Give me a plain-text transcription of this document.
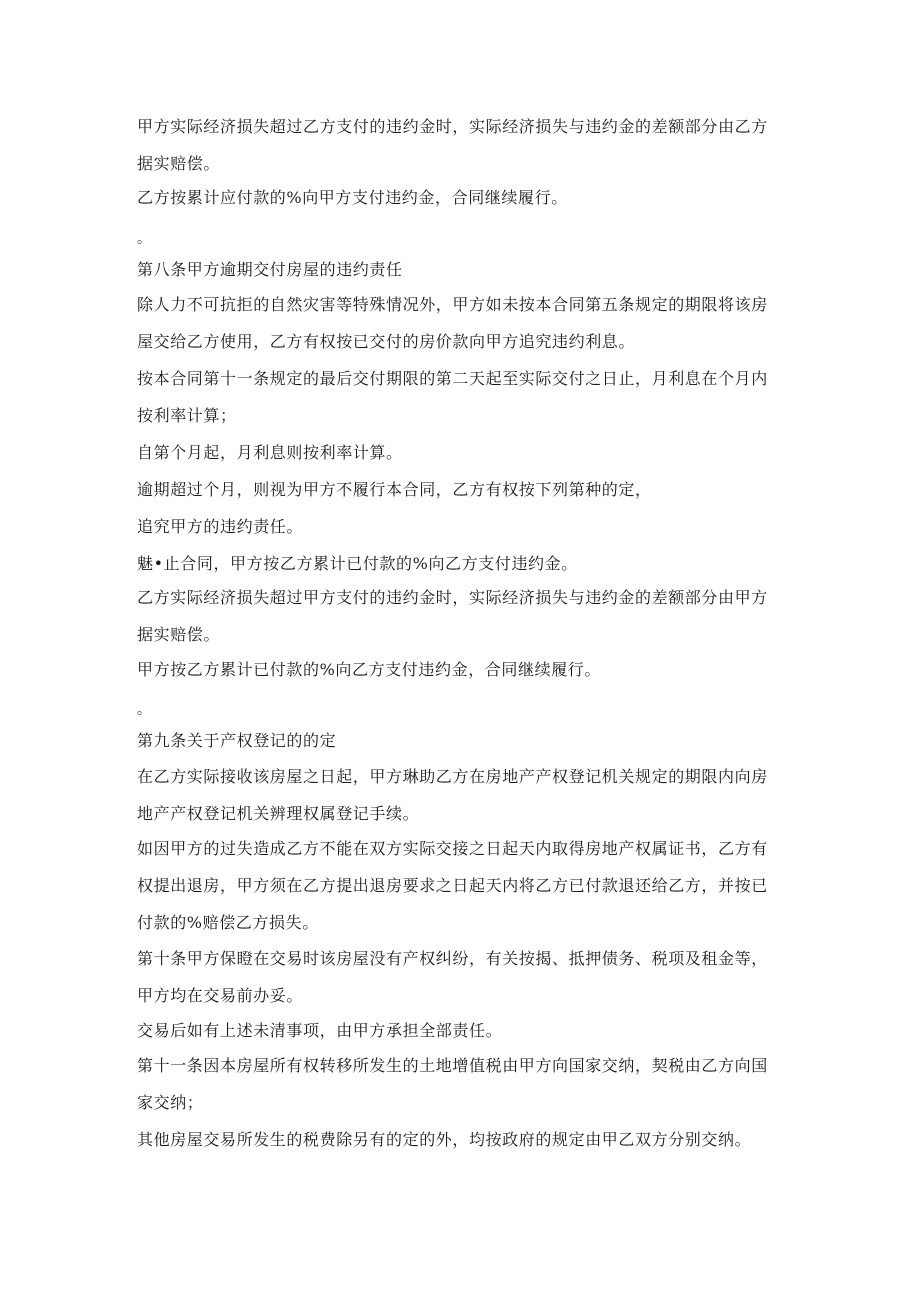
甲方实际经济损失超过乙方支付的违约金时，实际经济损失与违约金的差额部分由乙方
据实赔偿。

乙方按累计应付款的%向甲方支付违约金，合同继续履行。

。

第八条甲方逾期交付房屋的违约责任

除人力不可抗拒的自然灾害等特殊情况外，甲方如未按本合同第五条规定的期限将该房
屋交给乙方使用，乙方有权按已交付的房价款向甲方追究违约利息。

按本合同第十一条规定的最后交付期限的第二天起至实际交付之日止，月利息在个月内
按利率计算；

自第个月起，月利息则按利率计算。

逾期超过个月，则视为甲方不履行本合同，乙方有权按下列第种的定，

追究甲方的违约责任。

魅•止合同，甲方按乙方累计已付款的%向乙方支付违约金。

乙方实际经济损失超过甲方支付的违约金时，实际经济损失与违约金的差额部分由甲方
据实赔偿。

甲方按乙方累计已付款的%向乙方支付违约金，合同继续履行。

。

第九条关于产权登记的的定

在乙方实际接收该房屋之日起，甲方琳助乙方在房地产产权登记机关规定的期限内向房
地产产权登记机关辨理权属登记手续。

如因甲方的过失造成乙方不能在双方实际交接之日起天内取得房地产权属证书，乙方有
权提出退房，甲方须在乙方提出退房要求之日起天内将乙方已付款退还给乙方，并按已
付款的%赔偿乙方损失。

第十条甲方保瞪在交易时该房屋没有产权纠纷，有关按揭、抵押债务、税项及租金等，
甲方均在交易前办妥。

交易后如有上述未清事项，由甲方承担全部责任。

第十一条因本房屋所有权转移所发生的土地增值税由甲方向国家交纳，契税由乙方向国
家交纳；

其他房屋交易所发生的税费除另有的定的外，均按政府的规定由甲乙双方分别交纳。
